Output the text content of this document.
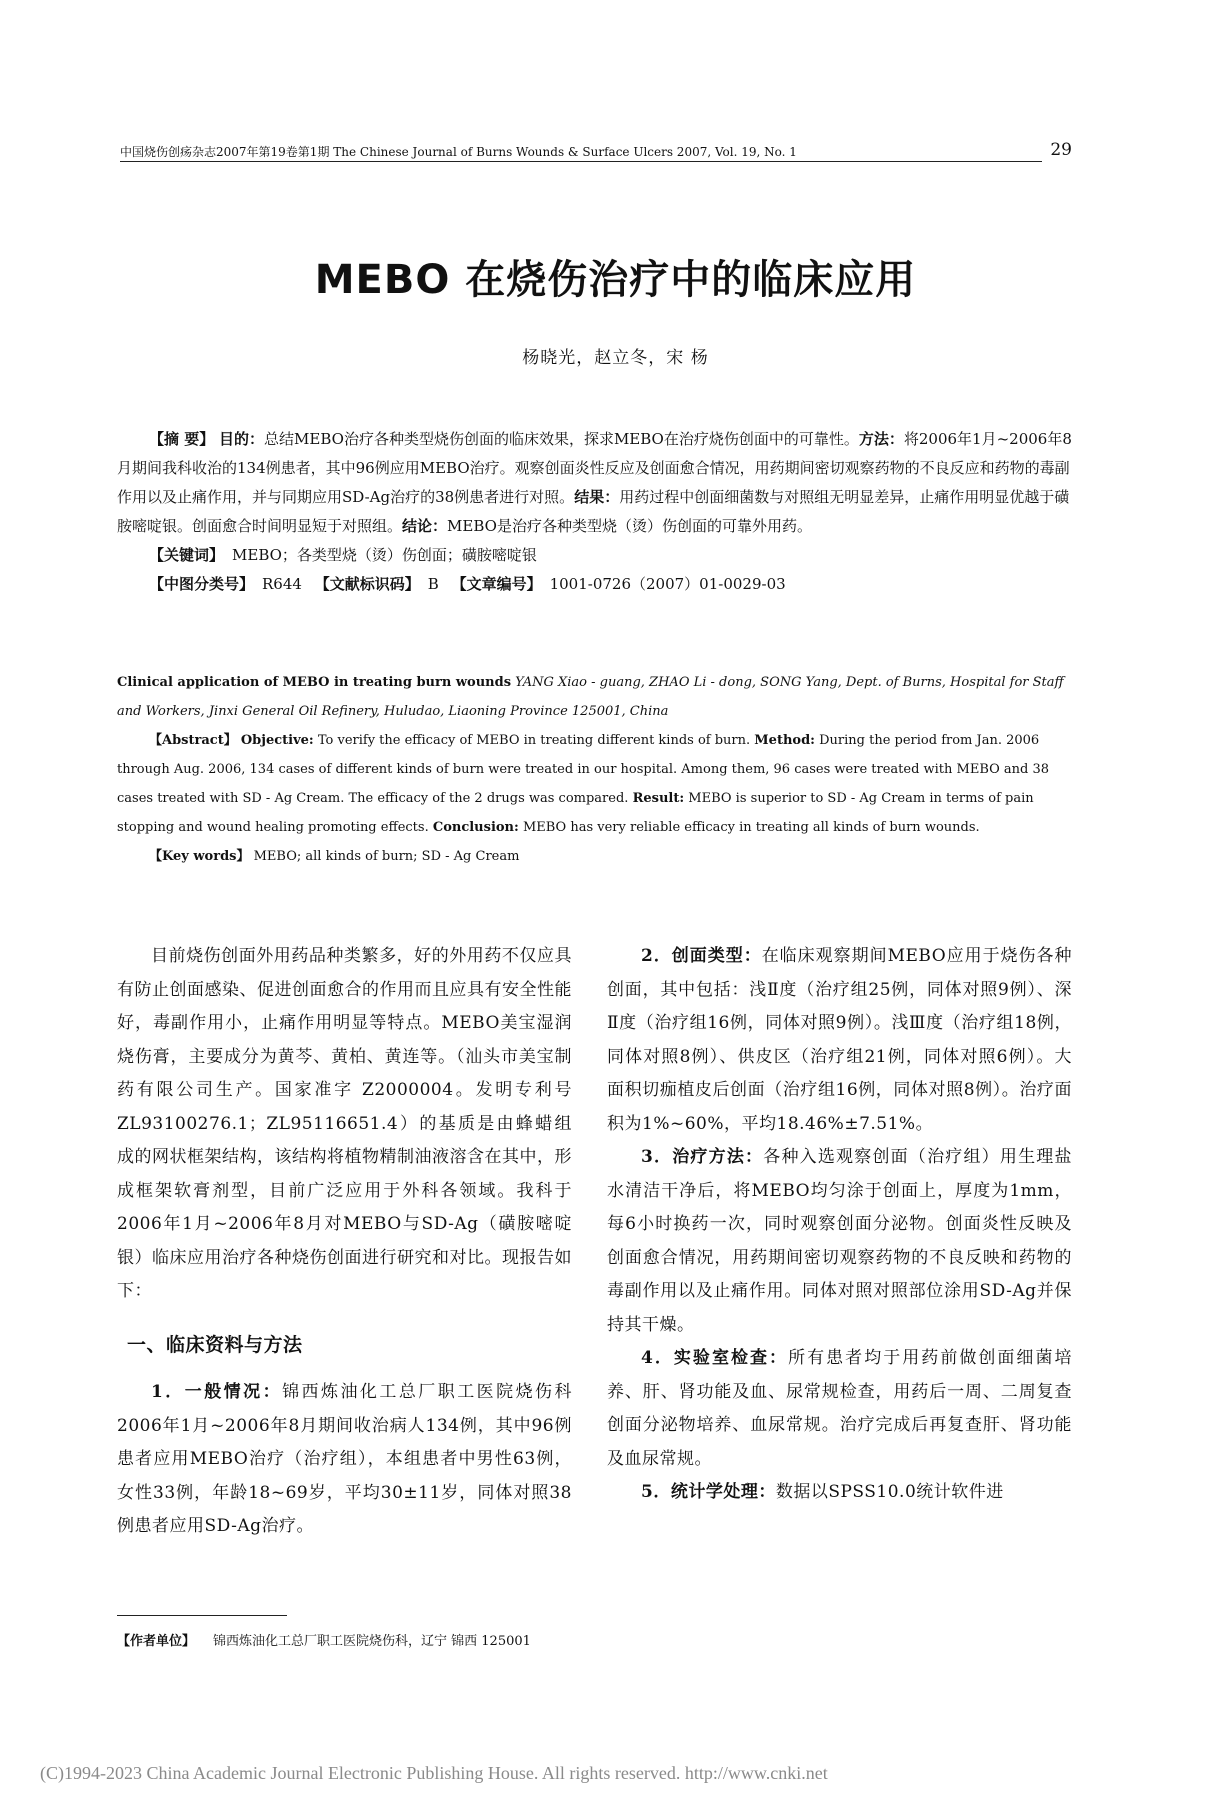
中国烧伤创疡杂志2007年第19卷第1期 The Chinese Journal of Burns Wounds & Surface Ulcers 2007, Vol. 19, No. 1	29
MEBO 在烧伤治疗中的临床应用
杨晓光，赵立冬，宋 杨

【摘 要】 目的：总结MEBO治疗各种类型烧伤创面的临床效果，探求MEBO在治疗烧伤创面中的可靠性。方法：将2006年1月~2006年8月期间我科收治的134例患者，其中96例应用MEBO治疗。观察创面炎性反应及创面愈合情况，用药期间密切观察药物的不良反应和药物的毒副作用以及止痛作用，并与同期应用SD-Ag治疗的38例患者进行对照。结果：用药过程中创面细菌数与对照组无明显差异，止痛作用明显优越于磺胺嘧啶银。创面愈合时间明显短于对照组。结论：MEBO是治疗各种类型烧（烫）伤创面的可靠外用药。

【关键词】 MEBO；各类型烧（烫）伤创面；磺胺嘧啶银
【中图分类号】 R644 【文献标识码】 B 【文章编号】 1001-0726（2007）01-0029-03

Clinical application of MEBO in treating burn wounds YANG Xiao - guang, ZHAO Li - dong, SONG Yang, Dept. of Burns, Hospital for Staff and Workers, Jinxi General Oil Refinery, Huludao, Liaoning Province 125001, China

【Abstract】 Objective: To verify the efficacy of MEBO in treating different kinds of burn. Method: During the period from Jan. 2006 through Aug. 2006, 134 cases of different kinds of burn were treated in our hospital. Among them, 96 cases were treated with MEBO and 38 cases treated with SD - Ag Cream. The efficacy of the 2 drugs was compared. Result: MEBO is superior to SD - Ag Cream in terms of pain stopping and wound healing promoting effects. Conclusion: MEBO has very reliable efficacy in treating all kinds of burn wounds.

【Key words】 MEBO; all kinds of burn; SD - Ag Cream

目前烧伤创面外用药品种类繁多，好的外用药不仅应具有防止创面感染、促进创面愈合的作用而且应具有安全性能好，毒副作用小，止痛作用明显等特点。MEBO美宝湿润烧伤膏，主要成分为黄芩、黄柏、黄连等。（汕头市美宝制药有限公司生产。国家准字 Z2000004。发明专利号ZL93100276.1；ZL95116651.4）的基质是由蜂蜡组成的网状框架结构，该结构将植物精制油液溶含在其中，形成框架软膏剂型，目前广泛应用于外科各领域。我科于2006年1月~2006年8月对MEBO与SD-Ag（磺胺嘧啶银）临床应用治疗各种烧伤创面进行研究和对比。现报告如下：

一、临床资料与方法

1．一般情况：锦西炼油化工总厂职工医院烧伤科2006年1月~2006年8月期间收治病人134例，其中96例患者应用MEBO治疗（治疗组），本组患者中男性63例，女性33例，年龄18~69岁，平均30±11岁，同体对照38例患者应用SD-Ag治疗。

2．创面类型：在临床观察期间MEBO应用于烧伤各种创面，其中包括：浅Ⅱ度（治疗组25例，同体对照9例）、深Ⅱ度（治疗组16例，同体对照9例）。浅Ⅲ度（治疗组18例，同体对照8例）、供皮区（治疗组21例，同体对照6例）。大面积切痂植皮后创面（治疗组16例，同体对照8例）。治疗面积为1%~60%，平均18.46%±7.51%。

3．治疗方法：各种入选观察创面（治疗组）用生理盐水清洁干净后，将MEBO均匀涂于创面上，厚度为1mm，每6小时换药一次，同时观察创面分泌物。创面炎性反映及创面愈合情况，用药期间密切观察药物的不良反映和药物的毒副作用以及止痛作用。同体对照对照部位涂用SD-Ag并保持其干燥。

4．实验室检查：所有患者均于用药前做创面细菌培养、肝、肾功能及血、尿常规检查，用药后一周、二周复查创面分泌物培养、血尿常规。治疗完成后再复查肝、肾功能及血尿常规。

5．统计学处理：数据以SPSS10.0统计软件进

【作者单位】 锦西炼油化工总厂职工医院烧伤科，辽宁 锦西 125001
(C)1994-2023 China Academic Journal Electronic Publishing House. All rights reserved. http://www.cnki.net
